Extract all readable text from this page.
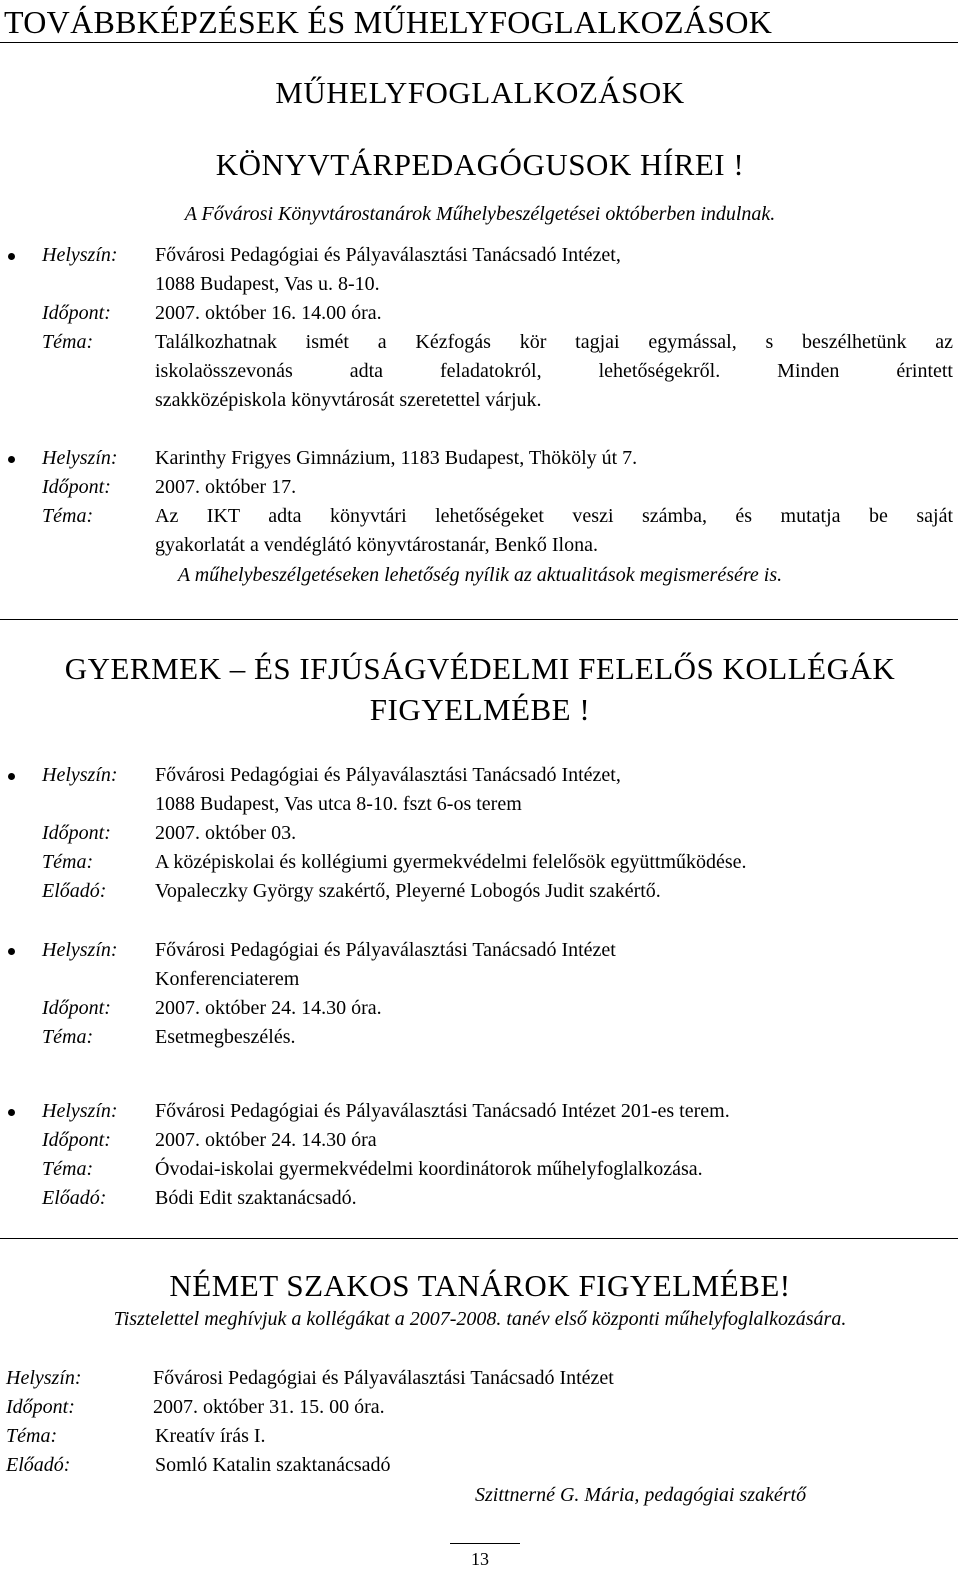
TOVÁBBKÉPZÉSEK ÉS MŰHELYFOGLALKOZÁSOK
MŰHELYFOGLALKOZÁSOK
KÖNYVTÁRPEDAGÓGUSOK HÍREI !
A Fővárosi Könyvtárostanárok Műhelybeszélgetései októberben indulnak.
Helyszín: Fővárosi Pedagógiai és Pályaválasztási Tanácsadó Intézet,
1088 Budapest, Vas u. 8-10.
Időpont: 2007. október 16. 14.00 óra.
Téma:	Találkozhatnak ismét a Kézfogás kör tagjai egymással, s beszélhetünk az
iskolaösszevonás adta feladatokról, lehetőségekről. Minden érintett
szakközépiskola könyvtárosát szeretettel várjuk.
Helyszín: Karinthy Frigyes Gimnázium, 1183 Budapest, Thököly út 7.
Időpont: 2007. október 17.
Téma:	Az IKT adta könyvtári lehetőségeket veszi számba, és mutatja be saját
gyakorlatát a vendéglátó könyvtárostanár, Benkő Ilona.
A műhelybeszélgetéseken lehetőség nyílik az aktualitások megismerésére is.
GYERMEK – ÉS IFJÚSÁGVÉDELMI FELELŐS KOLLÉGÁK
FIGYELMÉBE !
Helyszín: Fővárosi Pedagógiai és Pályaválasztási Tanácsadó Intézet,
1088 Budapest, Vas utca 8-10. fszt 6-os terem
Időpont: 2007. október 03.
Téma:	A középiskolai és kollégiumi gyermekvédelmi felelősök együttműködése.
Előadó: Vopaleczky György szakértő, Pleyerné Lobogós Judit szakértő.
Helyszín: Fővárosi Pedagógiai és Pályaválasztási Tanácsadó Intézet
Konferenciaterem
Időpont: 2007. október 24. 14.30 óra.
Téma:	Esetmegbeszélés.
Helyszín: Fővárosi Pedagógiai és Pályaválasztási Tanácsadó Intézet 201-es terem.
Időpont: 2007. október 24. 14.30 óra
Téma:	Óvodai-iskolai gyermekvédelmi koordinátorok műhelyfoglalkozása.
Előadó: Bódi Edit szaktanácsadó.
NÉMET SZAKOS TANÁROK FIGYELMÉBE!
Tisztelettel meghívjuk a kollégákat a 2007-2008. tanév első központi műhelyfoglalkozására.
Helyszín:	Fővárosi Pedagógiai és Pályaválasztási Tanácsadó Intézet
Időpont:	2007. október 31. 15. 00 óra.
Téma:	Kreatív írás I.
Előadó:	Somló Katalin szaktanácsadó
Szittnerné G. Mária, pedagógiai szakértő
13
